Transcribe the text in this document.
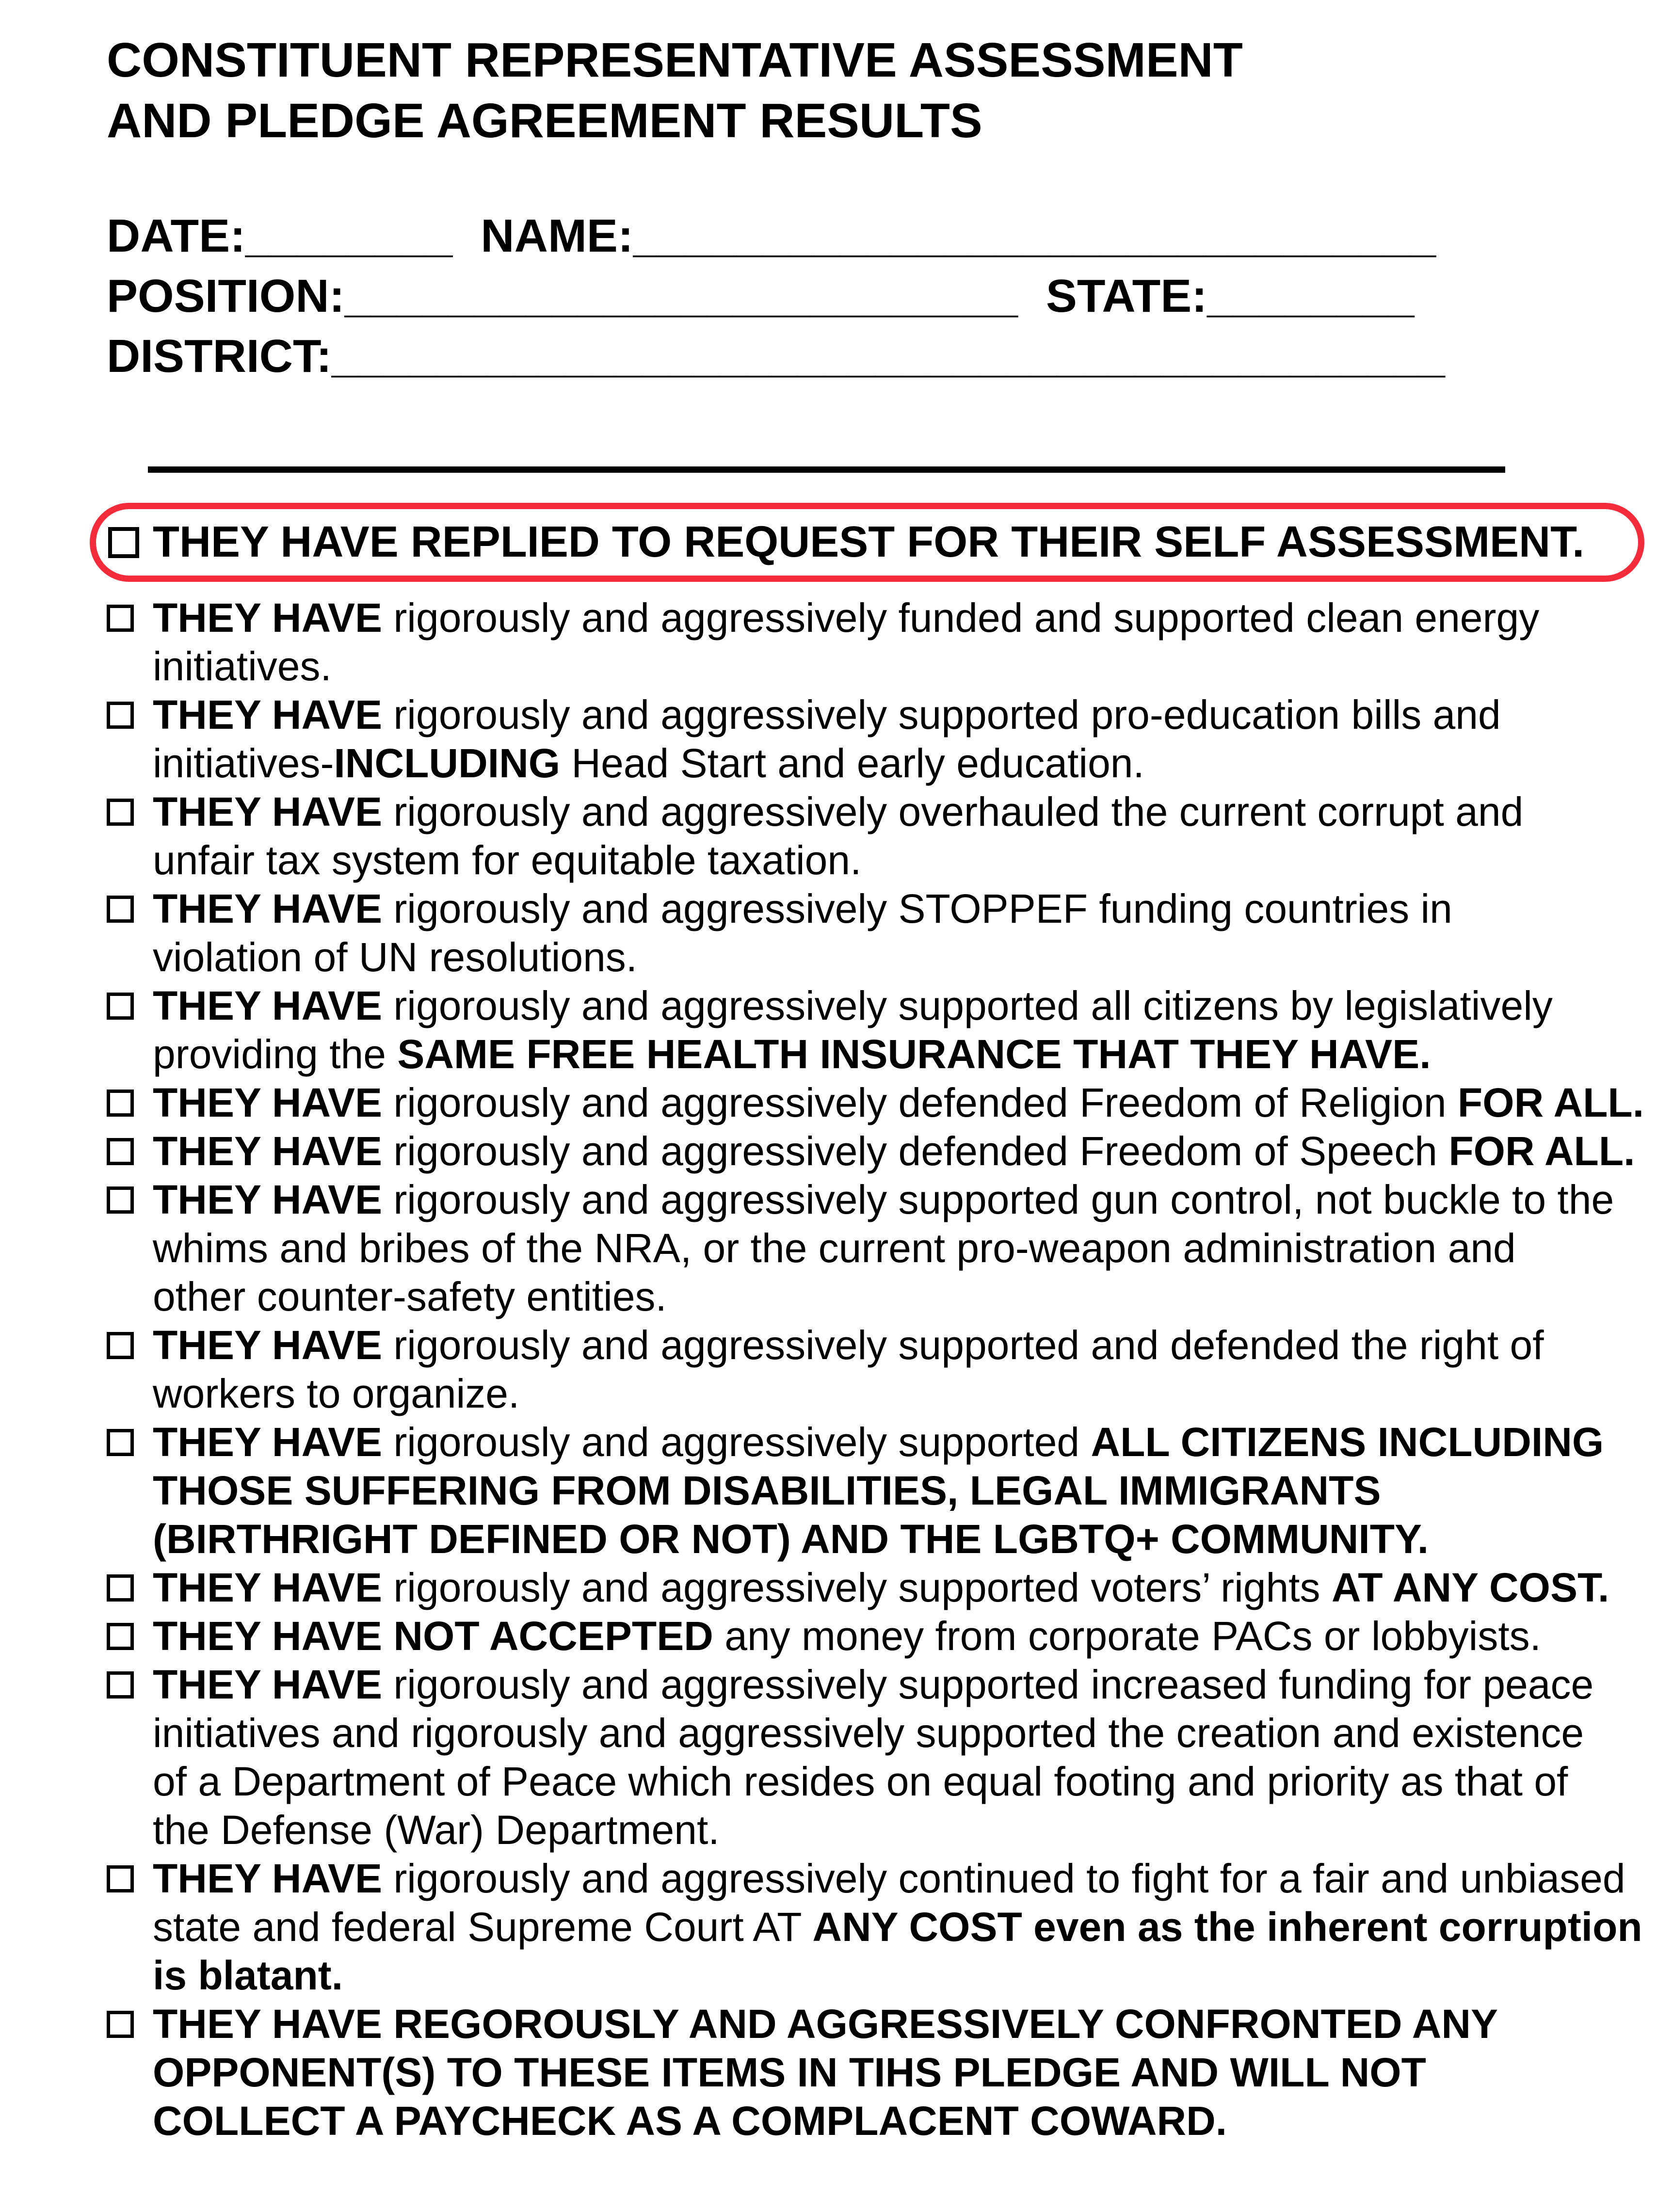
CONSTITUENT REPRESENTATIVE ASSESSMENT
AND PLEDGE AGREEMENT RESULTS
DATE:________ NAME:_______________________________
POSITION:__________________________ STATE:________
DISTRICT:___________________________________________
THEY HAVE REPLIED TO REQUEST FOR THEIR SELF ASSESSMENT.
THEY HAVE rigorously and aggressively funded and supported clean energy
initiatives.
THEY HAVE rigorously and aggressively supported pro-education bills and
initiatives-INCLUDING Head Start and early education.
THEY HAVE rigorously and aggressively overhauled the current corrupt and
unfair tax system for equitable taxation.
THEY HAVE rigorously and aggressively STOPPEF funding countries in
violation of UN resolutions.
THEY HAVE rigorously and aggressively supported all citizens by legislatively
providing the SAME FREE HEALTH INSURANCE THAT THEY HAVE.
THEY HAVE rigorously and aggressively defended Freedom of Religion FOR ALL.
THEY HAVE rigorously and aggressively defended Freedom of Speech FOR ALL.
THEY HAVE rigorously and aggressively supported gun control, not buckle to the
whims and bribes of the NRA, or the current pro-weapon administration and
other counter-safety entities.
THEY HAVE rigorously and aggressively supported and defended the right of
workers to organize.
THEY HAVE rigorously and aggressively supported ALL CITIZENS INCLUDING
THOSE SUFFERING FROM DISABILITIES, LEGAL IMMIGRANTS
(BIRTHRIGHT DEFINED OR NOT) AND THE LGBTQ+ COMMUNITY.
THEY HAVE rigorously and aggressively supported voters’ rights AT ANY COST.
THEY HAVE NOT ACCEPTED any money from corporate PACs or lobbyists.
THEY HAVE rigorously and aggressively supported increased funding for peace
initiatives and rigorously and aggressively supported the creation and existence
of a Department of Peace which resides on equal footing and priority as that of
the Defense (War) Department.
THEY HAVE rigorously and aggressively continued to fight for a fair and unbiased
state and federal Supreme Court AT ANY COST even as the inherent corruption
is blatant.
THEY HAVE REGOROUSLY AND AGGRESSIVELY CONFRONTED ANY
OPPONENT(S) TO THESE ITEMS IN TIHS PLEDGE AND WILL NOT
COLLECT A PAYCHECK AS A COMPLACENT COWARD.
